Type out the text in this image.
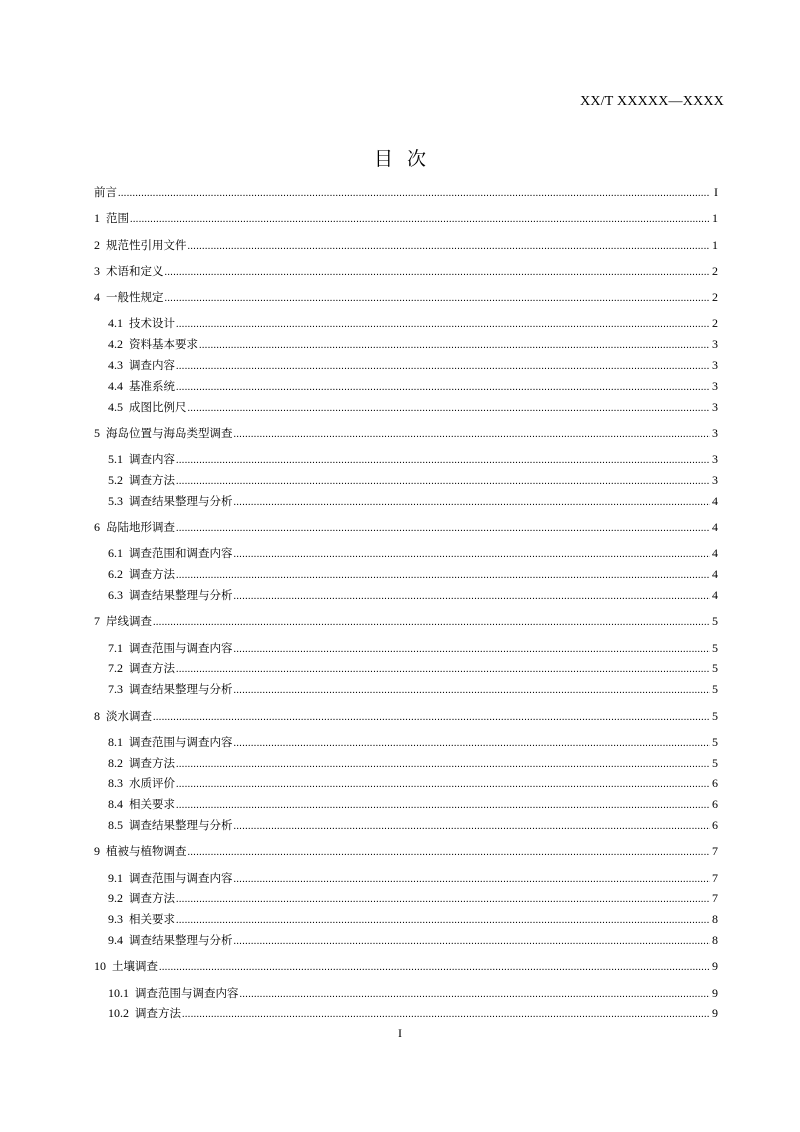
XX/T XXXXX—XXXX
目次
前言 .....	I
1 范围 .....	1
2 规范性引用文件 .....	1
3 术语和定义 .....	2
4 一般性规定 .....	2
4.1 技术设计 .....	2
4.2 资料基本要求 .....	3
4.3 调查内容 .....	3
4.4 基准系统 .....	3
4.5 成图比例尺 .....	3
5 海岛位置与海岛类型调查 .....	3
5.1 调查内容 .....	3
5.2 调查方法 .....	3
5.3 调查结果整理与分析 .....	4
6 岛陆地形调查 .....	4
6.1 调查范围和调查内容 .....	4
6.2 调查方法 .....	4
6.3 调查结果整理与分析 .....	4
7 岸线调查 .....	5
7.1 调查范围与调查内容 .....	5
7.2 调查方法 .....	5
7.3 调查结果整理与分析 .....	5
8 淡水调查 .....	5
8.1 调查范围与调查内容 .....	5
8.2 调查方法 .....	5
8.3 水质评价 .....	6
8.4 相关要求 .....	6
8.5 调查结果整理与分析 .....	6
9 植被与植物调查 .....	7
9.1 调查范围与调查内容 .....	7
9.2 调查方法 .....	7
9.3 相关要求 .....	8
9.4 调查结果整理与分析 .....	8
10 土壤调查 .....	9
10.1 调查范围与调查内容 .....	9
10.2 调查方法 .....	9
I
